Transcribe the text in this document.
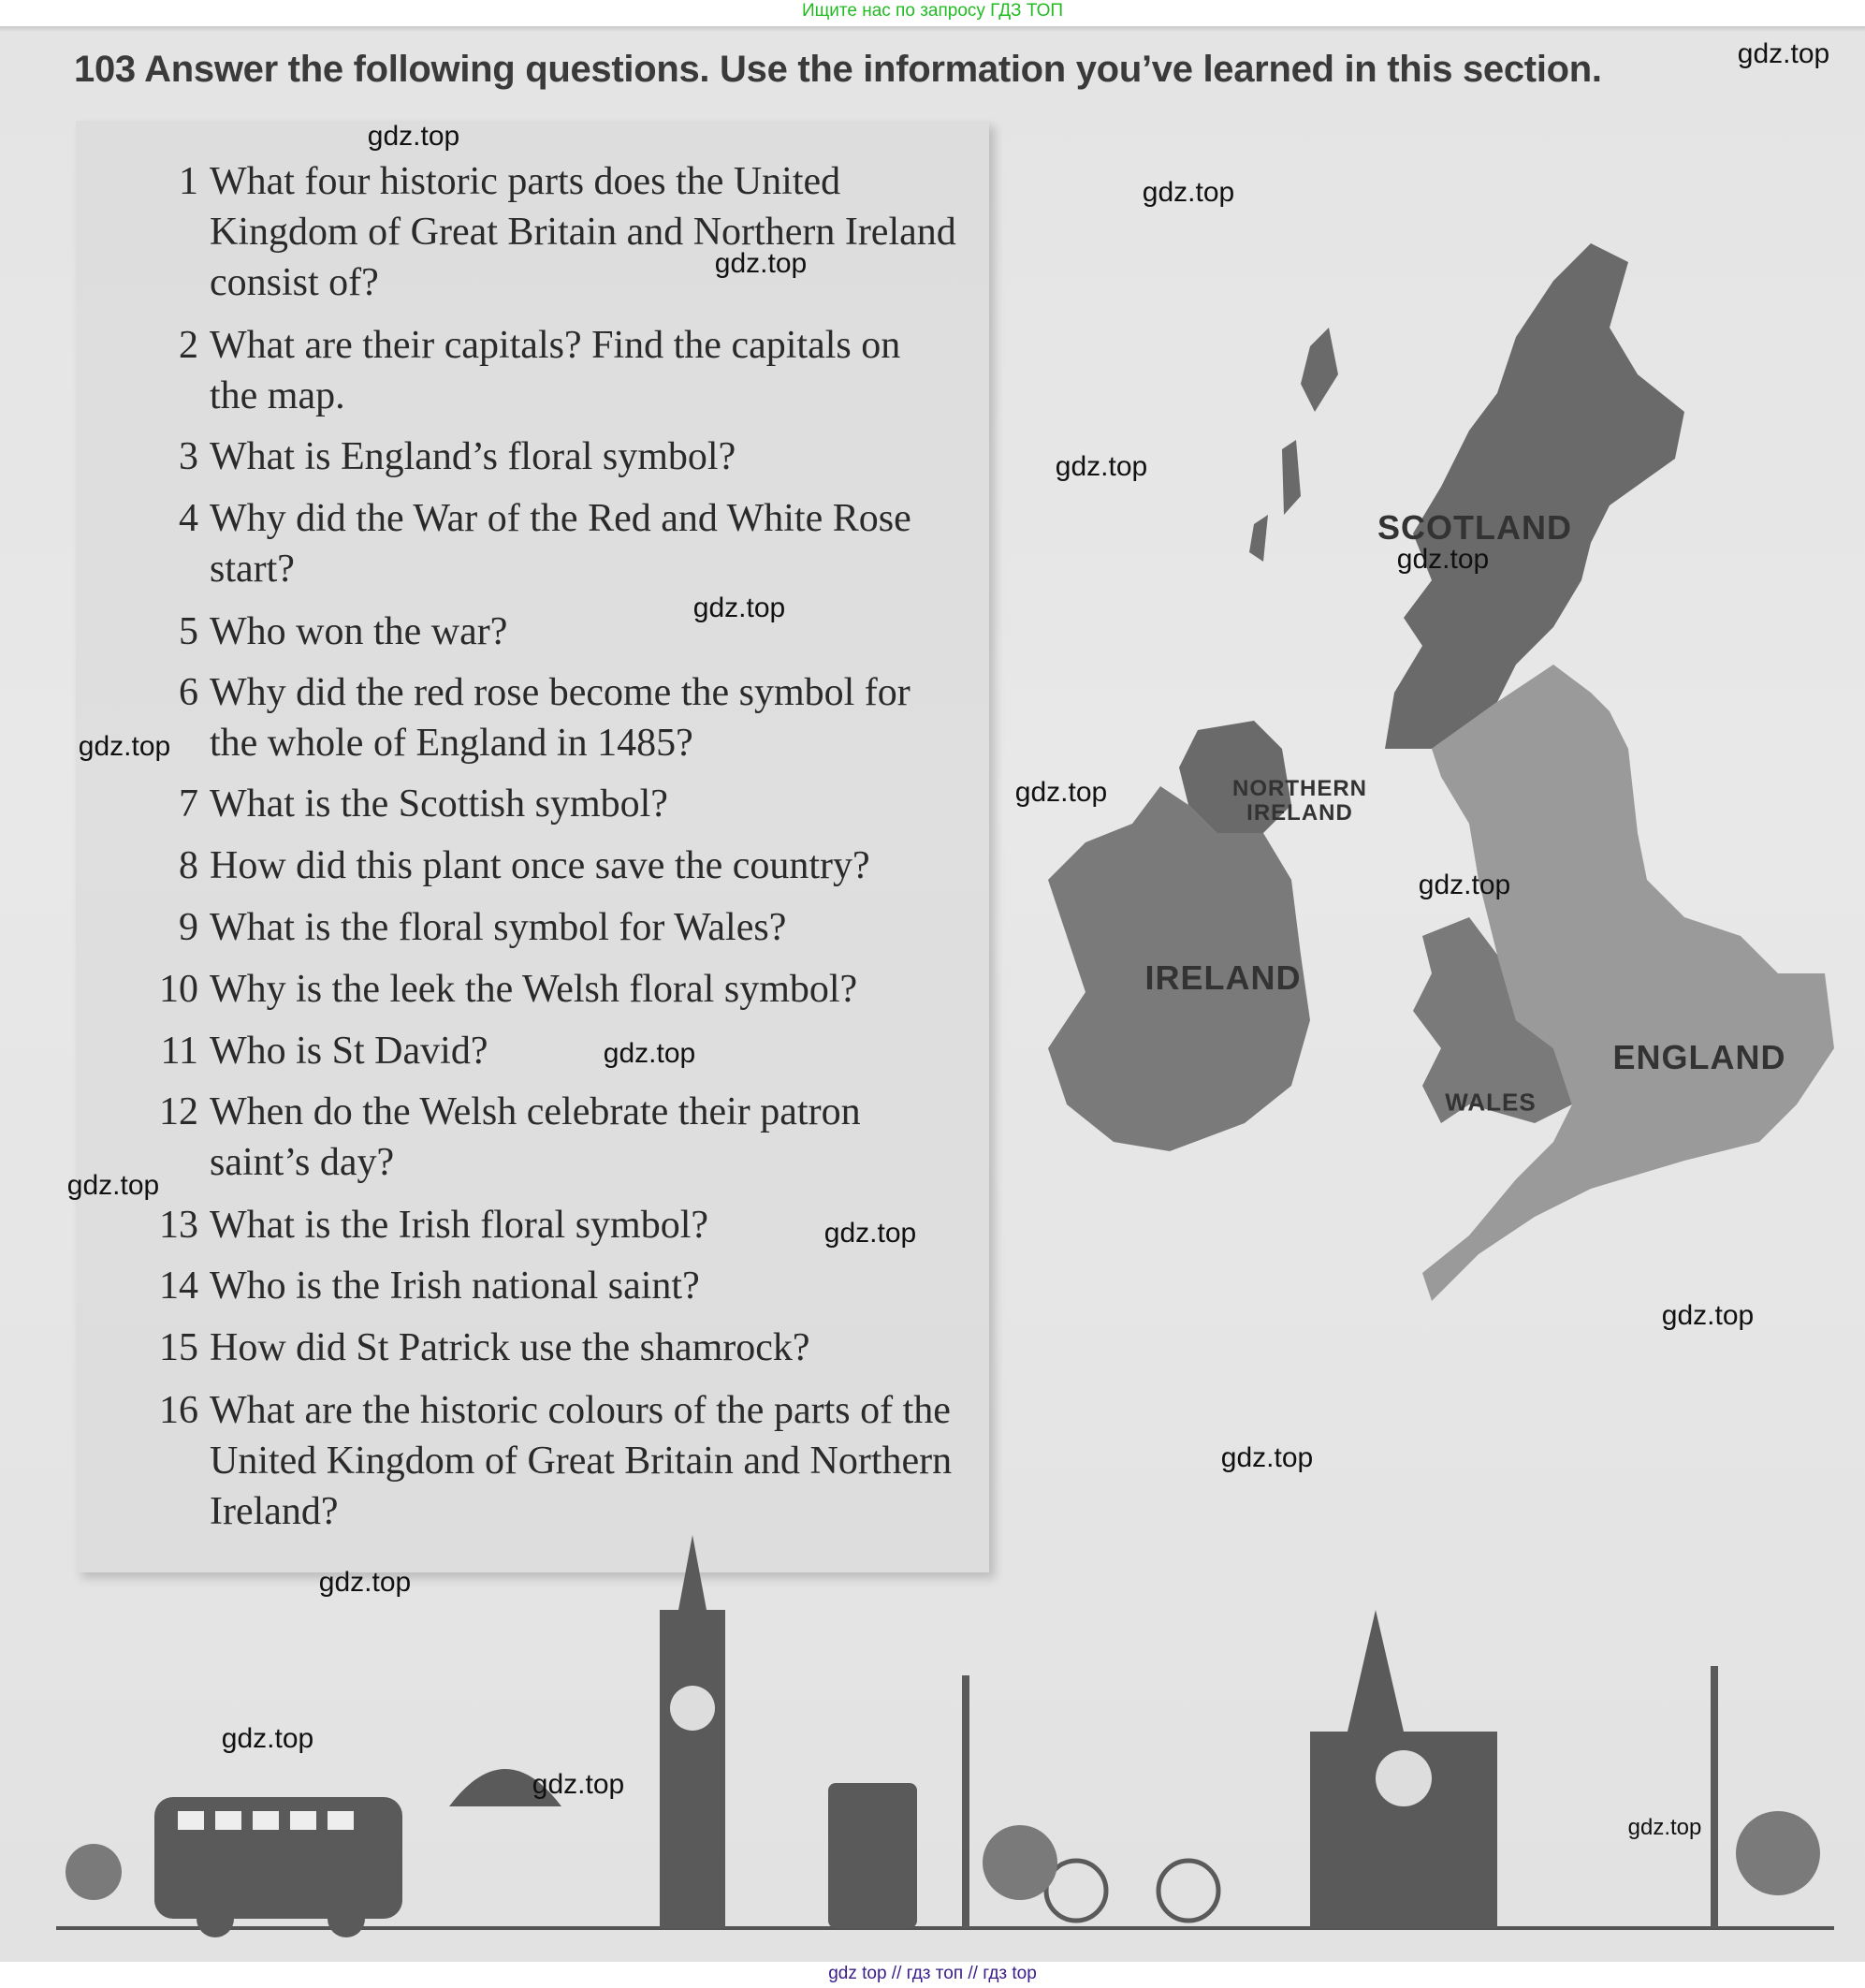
Ищите нас по запросу ГДЗ ТОП
103 Answer the following questions. Use the information you’ve learned in this section.
1 What four historic parts does the United Kingdom of Great Britain and Northern Ireland consist of?
2 What are their capitals? Find the capitals on the map.
3 What is England’s floral symbol?
4 Why did the War of the Red and White Rose start?
5 Who won the war?
6 Why did the red rose become the symbol for the whole of England in 1485?
7 What is the Scottish symbol?
8 How did this plant once save the country?
9 What is the floral symbol for Wales?
10 Why is the leek the Welsh floral symbol?
11 Who is St David?
12 When do the Welsh celebrate their patron saint’s day?
13 What is the Irish floral symbol?
14 Who is the Irish national saint?
15 How did St Patrick use the shamrock?
16 What are the historic colours of the parts of the United Kingdom of Great Britain and Northern Ireland?
SCOTLAND
NORTHERN IRELAND
IRELAND
WALES
ENGLAND
gdz.top
gdz.top
gdz.top
gdz.top
gdz.top
gdz.top
gdz.top
gdz.top
gdz.top
gdz.top
gdz.top
gdz.top
gdz.top
gdz.top
gdz.top
gdz.top
gdz.top
gdz.top
gdz.top
gdz top // гдз топ // гдз top
